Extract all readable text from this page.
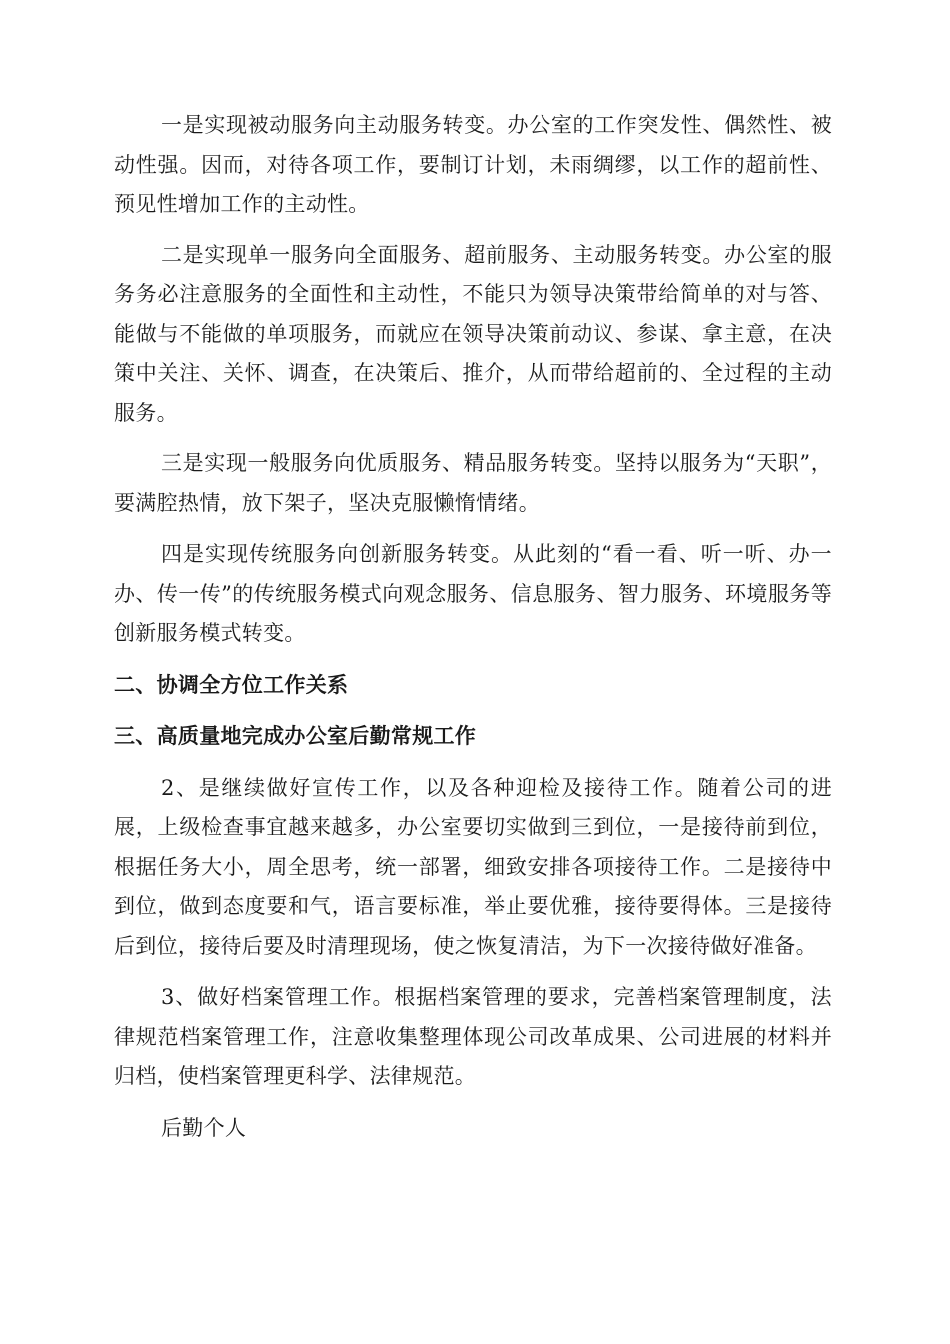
一是实现被动服务向主动服务转变。办公室的工作突发性、偶然性、被动性强。因而，对待各项工作，要制订计划，未雨绸缪，以工作的超前性、预见性增加工作的主动性。

二是实现单一服务向全面服务、超前服务、主动服务转变。办公室的服务务必注意服务的全面性和主动性，不能只为领导决策带给简单的对与答、能做与不能做的单项服务，而就应在领导决策前动议、参谋、拿主意，在决策中关注、关怀、调查，在决策后、推介，从而带给超前的、全过程的主动服务。

三是实现一般服务向优质服务、精品服务转变。坚持以服务为“天职”，要满腔热情，放下架子，坚决克服懒惰情绪。

四是实现传统服务向创新服务转变。从此刻的“看一看、听一听、办一办、传一传”的传统服务模式向观念服务、信息服务、智力服务、环境服务等创新服务模式转变。

二、协调全方位工作关系

三、高质量地完成办公室后勤常规工作

2、是继续做好宣传工作，以及各种迎检及接待工作。随着公司的进展，上级检查事宜越来越多，办公室要切实做到三到位，一是接待前到位，根据任务大小，周全思考，统一部署，细致安排各项接待工作。二是接待中到位，做到态度要和气，语言要标准，举止要优雅，接待要得体。三是接待后到位，接待后要及时清理现场，使之恢复清洁，为下一次接待做好准备。

3、做好档案管理工作。根据档案管理的要求，完善档案管理制度，法律规范档案管理工作，注意收集整理体现公司改革成果、公司进展的材料并归档，使档案管理更科学、法律规范。

后勤个人
